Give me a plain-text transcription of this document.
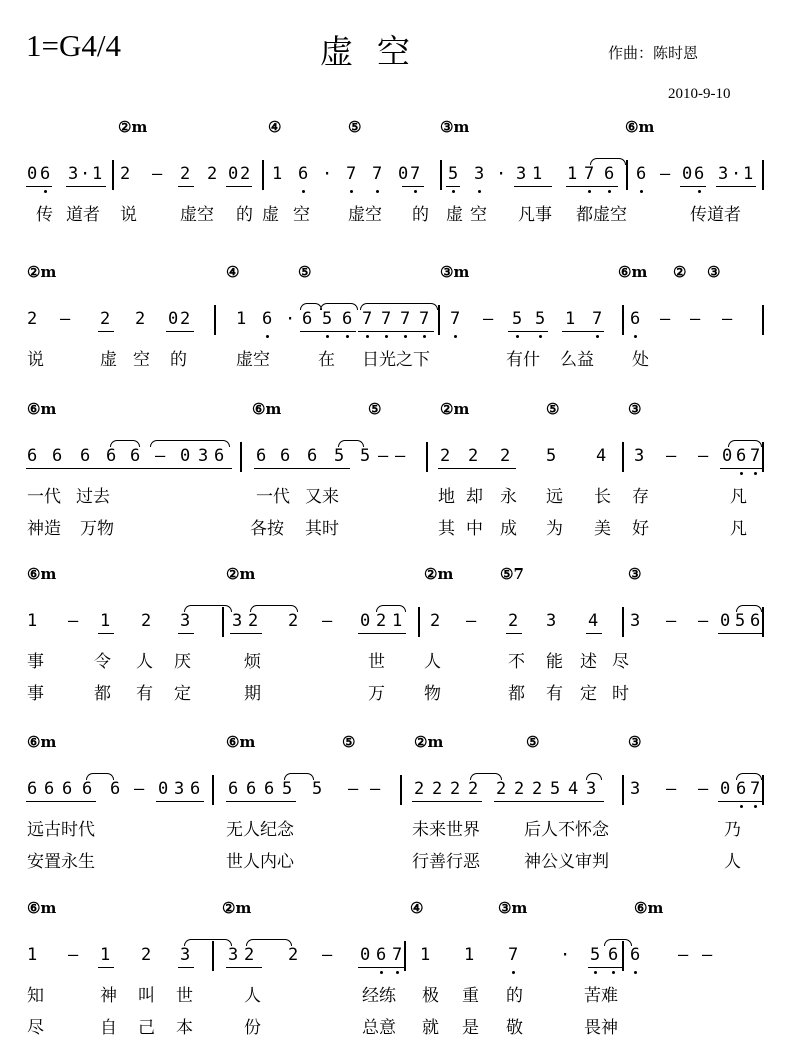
1=G4/4	虚空	作曲：陈时恩
2010-9-10
②m	④	⑤	③m	⑥m
0 6 3 · 1 2 – 2 2 0 2 1 6 · 7 7 0 7 5 3 · 3 1 1 7 6 6 – 0 6 3 · 1
传 道者 说	虚空 的 虚 空 虚空 的 虚 空 凡事 都虚空	传道者
②m	④	⑤	③m	⑥m ② ③
2 – 2 2 0 2	1 6 · 6 5 6 7 7 7 7 7 – 5 5 1 7 6 – – –
说	虚 空 的	虚空	在 日光之下	有什 么益 处
⑥m	⑥m	⑤	②m	⑤	③
6 6 6 6 6 – 0 3 6 6 6 6 5 5 – – 2 2 2 5 4 3 – – 0 6 7
一代 过去	一代 又来	地 却 永 远 长 存	凡
神造 万物	各按 其时	其 中 成 为 美 好	凡
⑥m	②m	②m	⑤7	③
1 – 1 2 3 3 2 2 – 0 2 1 2 – 2 3 4 3 – – 0 5 6
事	令 人 厌	烦	世 人	不 能 述 尽
事	都 有 定	期	万 物	都 有 定 时
⑥m	⑥m	⑤	②m	⑤	③
6 6 6 6 6 – 0 3 6 6 6 6 5 5 – – 2 2 2 2 2 2 2 5 4 3 3 – – 0 6 7
远古时代	无人纪念	未来世界	后人不怀念	乃
安置永生	世人内心	行善行恶	神公义审判	人
⑥m	②m	④	③m	⑥m
1 – 1 2 3 3 2 2 – 0 6 7 1 1 7 · 5 6 6 – –
知	神 叫 世	人	经练 极 重 的	苦难
尽	自 己 本	份	总意 就 是 敬	畏神
